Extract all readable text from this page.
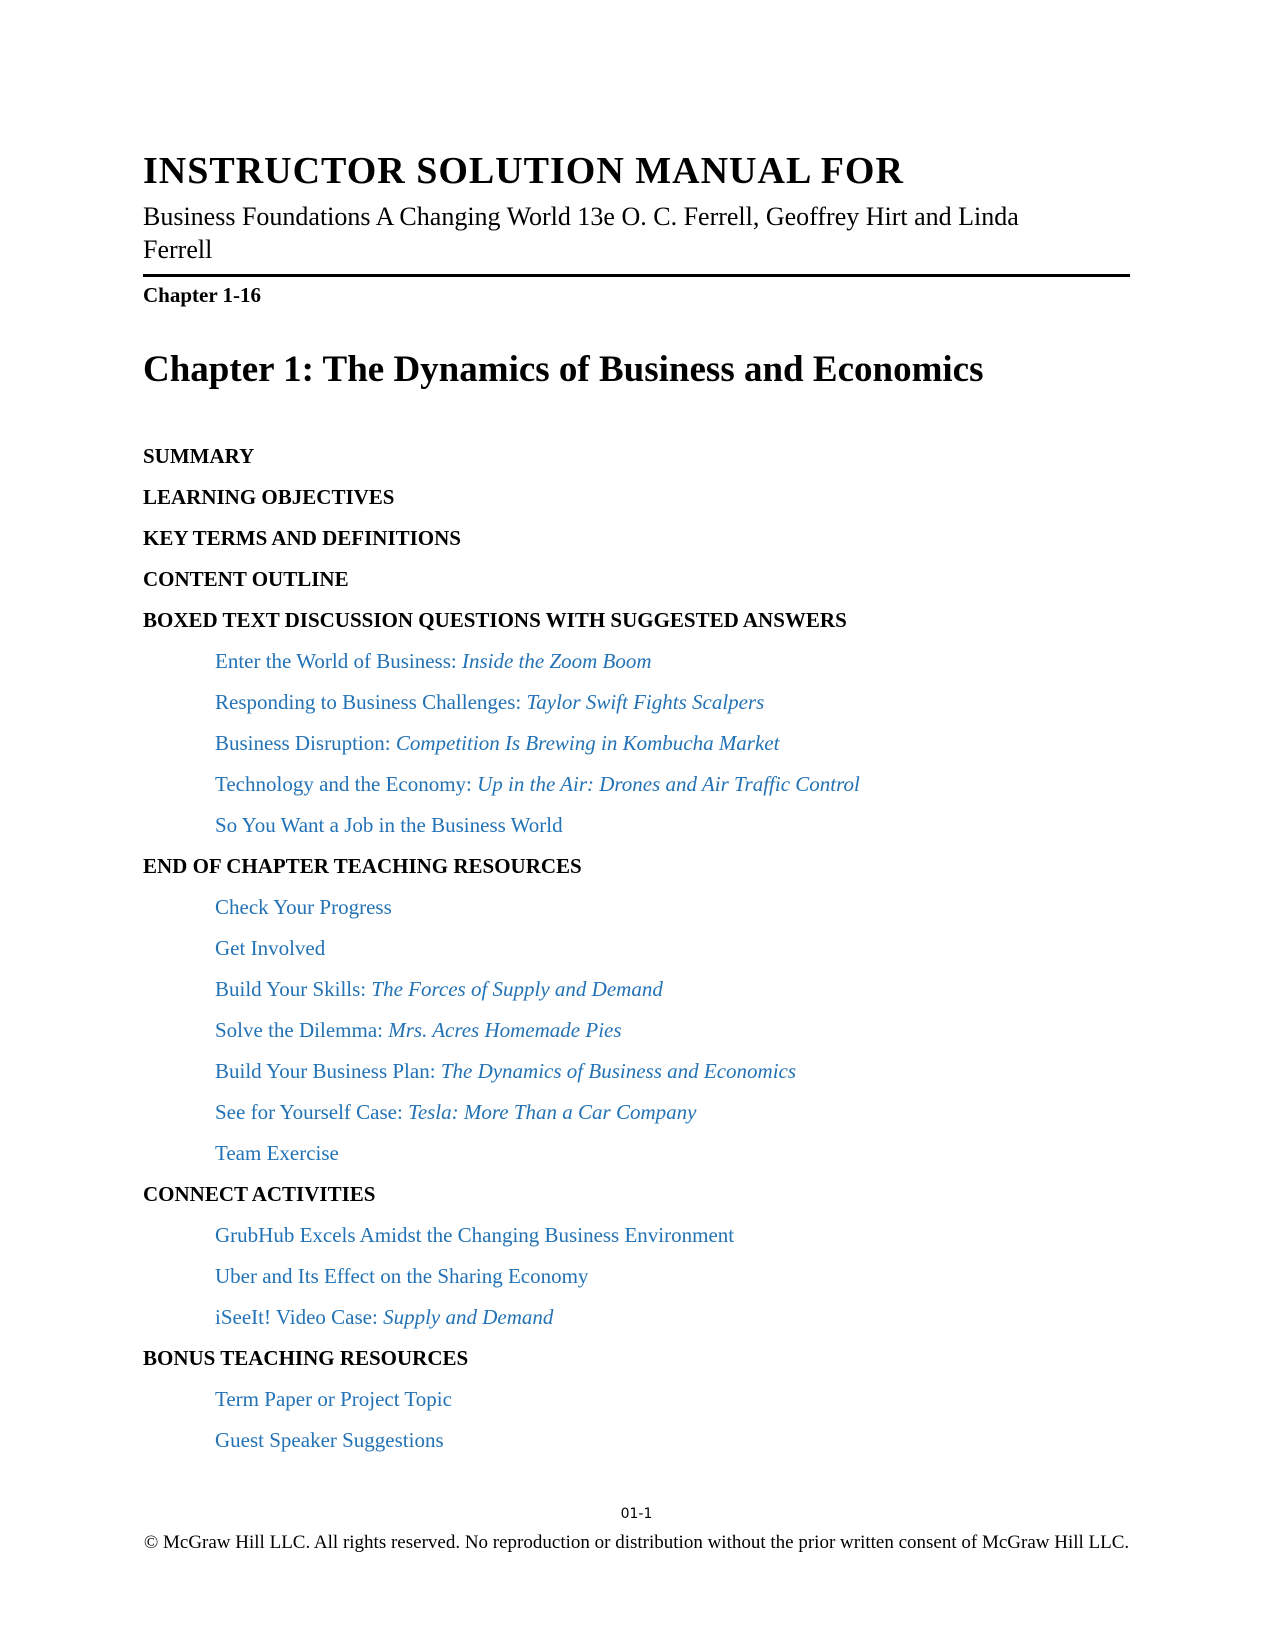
INSTRUCTOR SOLUTION MANUAL FOR

Business Foundations A Changing World 13e O. C. Ferrell, Geoffrey Hirt and Linda Ferrell

Chapter 1-16
Chapter 1: The Dynamics of Business and Economics
SUMMARY
LEARNING OBJECTIVES
KEY TERMS AND DEFINITIONS
CONTENT OUTLINE
BOXED TEXT DISCUSSION QUESTIONS WITH SUGGESTED ANSWERS
Enter the World of Business: Inside the Zoom Boom
Responding to Business Challenges: Taylor Swift Fights Scalpers
Business Disruption: Competition Is Brewing in Kombucha Market
Technology and the Economy: Up in the Air: Drones and Air Traffic Control
So You Want a Job in the Business World
END OF CHAPTER TEACHING RESOURCES
Check Your Progress
Get Involved
Build Your Skills: The Forces of Supply and Demand
Solve the Dilemma: Mrs. Acres Homemade Pies
Build Your Business Plan: The Dynamics of Business and Economics
See for Yourself Case: Tesla: More Than a Car Company
Team Exercise
CONNECT ACTIVITIES
GrubHub Excels Amidst the Changing Business Environment
Uber and Its Effect on the Sharing Economy
iSeeIt! Video Case: Supply and Demand
BONUS TEACHING RESOURCES
Term Paper or Project Topic
Guest Speaker Suggestions
01-1
© McGraw Hill LLC. All rights reserved. No reproduction or distribution without the prior written consent of McGraw Hill LLC.
